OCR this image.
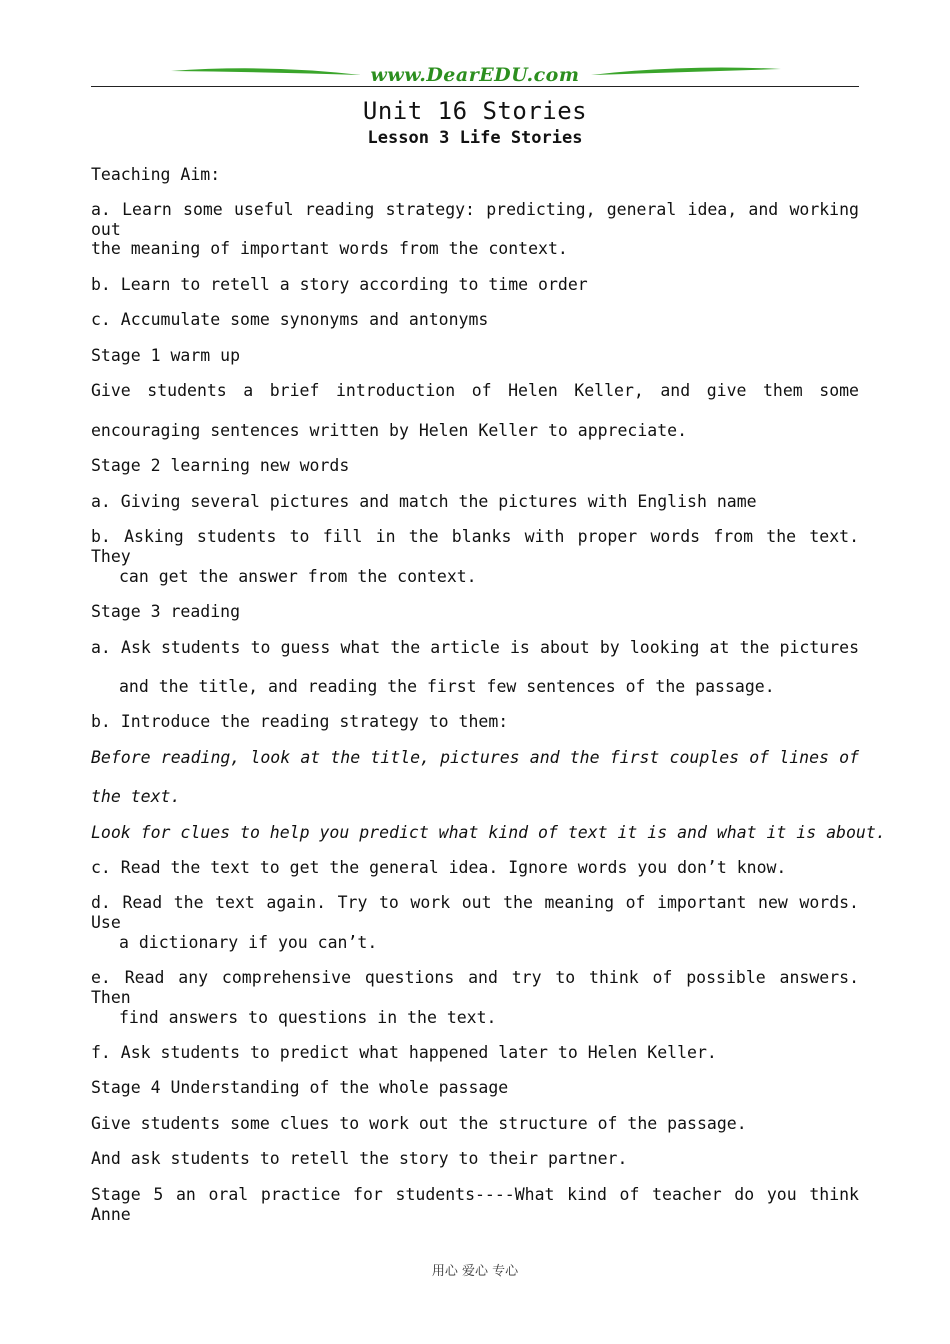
www.DearEDU.com
Unit 16 Stories
Lesson 3 Life Stories
Teaching Aim:
a. Learn some useful reading strategy: predicting, general idea, and working out
the meaning of important words from the context.
b. Learn to retell a story according to time order
c. Accumulate some synonyms and antonyms
Stage 1 warm up
Give students a brief introduction of Helen Keller, and give them some
encouraging sentences written by Helen Keller to appreciate.
Stage 2 learning new words
a. Giving several pictures and match the pictures with English name
b. Asking students to fill in the blanks with proper words from the text. They
can get the answer from the context.
Stage 3 reading
a. Ask students to guess what the article is about by looking at the pictures
and the title, and reading the first few sentences of the passage.
b. Introduce the reading strategy to them:
Before reading, look at the title, pictures and the first couples of lines of
the text.
Look for clues to help you predict what kind of text it is and what it is about.
c. Read the text to get the general idea. Ignore words you don’t know.
d. Read the text again. Try to work out the meaning of important new words. Use
a dictionary if you can’t.
e. Read any comprehensive questions and try to think of possible answers. Then
find answers to questions in the text.
f. Ask students to predict what happened later to Helen Keller.
Stage 4 Understanding of the whole passage
Give students some clues to work out the structure of the passage.
And ask students to retell the story to their partner.
Stage 5 an oral practice for students----What kind of teacher do you think Anne
用心 爱心 专心
